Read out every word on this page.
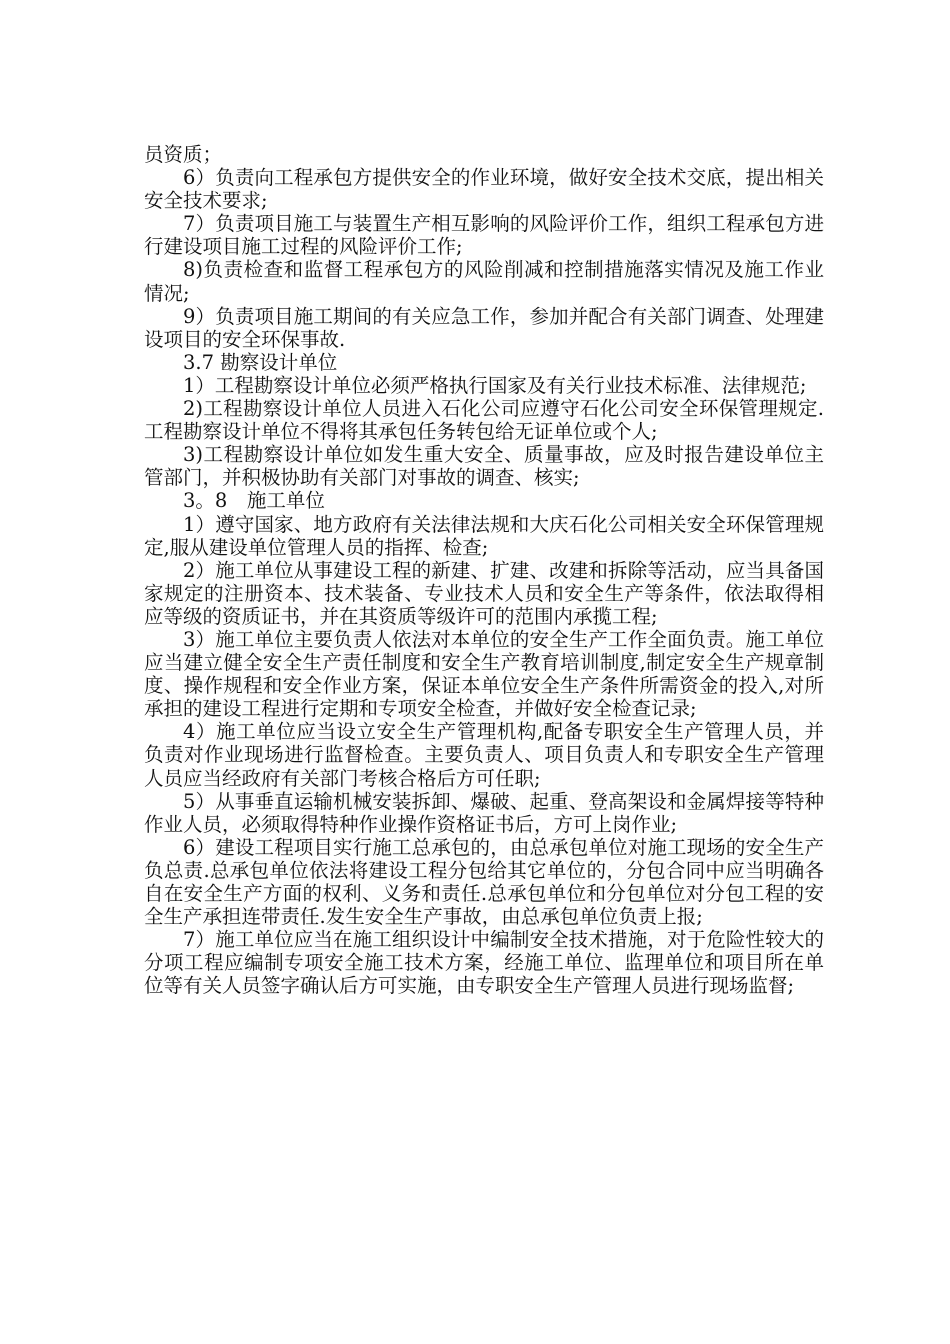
员资质；

6）负责向工程承包方提供安全的作业环境，做好安全技术交底，提出相关安全技术要求;

7）负责项目施工与装置生产相互影响的风险评价工作，组织工程承包方进行建设项目施工过程的风险评价工作;

8)负责检查和监督工程承包方的风险削减和控制措施落实情况及施工作业情况;

9）负责项目施工期间的有关应急工作，参加并配合有关部门调查、处理建设项目的安全环保事故.

3.7 勘察设计单位

1）工程勘察设计单位必须严格执行国家及有关行业技术标准、法律规范;

2)工程勘察设计单位人员进入石化公司应遵守石化公司安全环保管理规定.工程勘察设计单位不得将其承包任务转包给无证单位或个人;

3)工程勘察设计单位如发生重大安全、质量事故，应及时报告建设单位主管部门，并积极协助有关部门对事故的调查、核实;

3。8　施工单位

1）遵守国家、地方政府有关法律法规和大庆石化公司相关安全环保管理规定,服从建设单位管理人员的指挥、检查;

2）施工单位从事建设工程的新建、扩建、改建和拆除等活动，应当具备国家规定的注册资本、技术装备、专业技术人员和安全生产等条件，依法取得相应等级的资质证书，并在其资质等级许可的范围内承揽工程;

3）施工单位主要负责人依法对本单位的安全生产工作全面负责。施工单位应当建立健全安全生产责任制度和安全生产教育培训制度,制定安全生产规章制度、操作规程和安全作业方案，保证本单位安全生产条件所需资金的投入,对所承担的建设工程进行定期和专项安全检查，并做好安全检查记录;

4）施工单位应当设立安全生产管理机构,配备专职安全生产管理人员，并负责对作业现场进行监督检查。主要负责人、项目负责人和专职安全生产管理人员应当经政府有关部门考核合格后方可任职;

5）从事垂直运输机械安装拆卸、爆破、起重、登高架设和金属焊接等特种作业人员，必须取得特种作业操作资格证书后，方可上岗作业;

6）建设工程项目实行施工总承包的，由总承包单位对施工现场的安全生产负总责.总承包单位依法将建设工程分包给其它单位的，分包合同中应当明确各自在安全生产方面的权利、义务和责任.总承包单位和分包单位对分包工程的安全生产承担连带责任.发生安全生产事故，由总承包单位负责上报;

7）施工单位应当在施工组织设计中编制安全技术措施，对于危险性较大的分项工程应编制专项安全施工技术方案，经施工单位、监理单位和项目所在单位等有关人员签字确认后方可实施，由专职安全生产管理人员进行现场监督;
